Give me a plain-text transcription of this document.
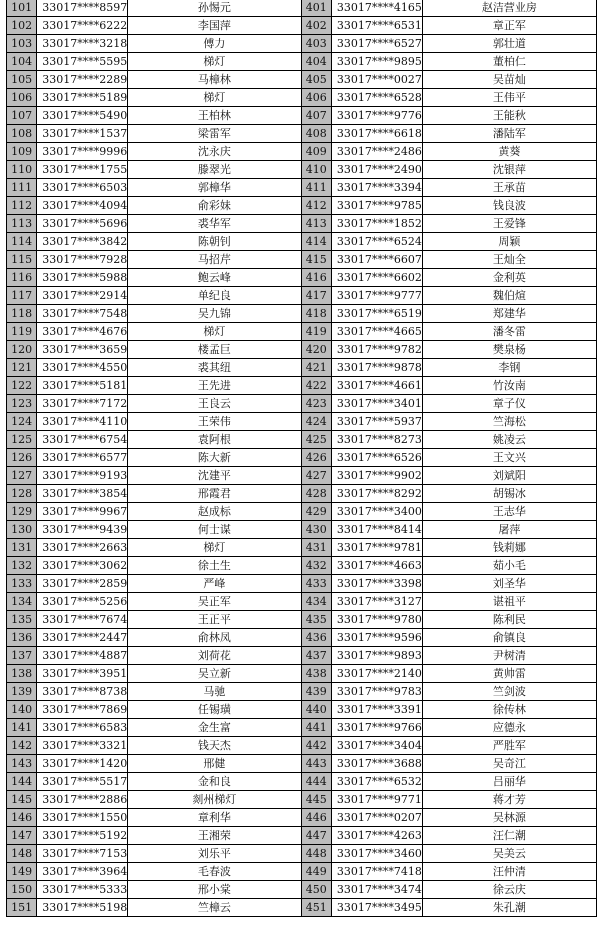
101	33017****8597	孙惕元	401	33017****4165	赵洁营业房
102	33017****6222	李国萍	402	33017****6531	章正军
103	33017****3218	傅力	403	33017****6527	郭壮道
104	33017****5595	梯灯	404	33017****9895	董柏仁
105	33017****2289	马樟林	405	33017****0027	吴苗灿
106	33017****5189	梯灯	406	33017****6528	王伟平
107	33017****5490	王柏林	407	33017****9776	王能秋
108	33017****1537	梁雷军	408	33017****6618	潘陆军
109	33017****9996	沈永庆	409	33017****2486	黄葵
110	33017****1755	滕翠光	410	33017****2490	沈银萍
111	33017****6503	郭樟华	411	33017****3394	王承苗
112	33017****4094	俞彩妹	412	33017****9785	钱良波
113	33017****5696	裘华军	413	33017****1852	王爱锋
114	33017****3842	陈朝钊	414	33017****6524	周颖
115	33017****7928	马招芹	415	33017****6607	王灿全
116	33017****5988	鲍云峰	416	33017****6602	金利英
117	33017****2914	单纪良	417	33017****9777	魏伯煊
118	33017****7548	吴九锦	418	33017****6519	郑建华
119	33017****4676	梯灯	419	33017****4665	潘冬雷
120	33017****3659	楼孟巨	420	33017****9782	樊泉杨
121	33017****4550	裘其纽	421	33017****9878	李钢
122	33017****5181	王先进	422	33017****4661	竹汝南
123	33017****7172	王良云	423	33017****3401	章子仪
124	33017****4110	王荣伟	424	33017****5937	竺海松
125	33017****6754	袁阿根	425	33017****8273	姚凌云
126	33017****6577	陈大新	426	33017****6526	王文兴
127	33017****9193	沈建平	427	33017****9902	刘斌阳
128	33017****3854	邢霞君	428	33017****8292	胡锡冰
129	33017****9967	赵成标	429	33017****3400	王志华
130	33017****9439	何士谋	430	33017****8414	屠萍
131	33017****2663	梯灯	431	33017****9781	钱莉娜
132	33017****3062	徐土生	432	33017****4663	茹小毛
133	33017****2859	严峰	433	33017****3398	刘圣华
134	33017****5256	吴正军	434	33017****3127	谌祖平
135	33017****7674	王正平	435	33017****9780	陈利民
136	33017****2447	俞林凤	436	33017****9596	俞镇良
137	33017****4887	刘荷花	437	33017****9893	尹树清
138	33017****3951	吴立新	438	33017****2140	黄帅雷
139	33017****8738	马驰	439	33017****9783	竺剑波
140	33017****7869	任锡璜	440	33017****3391	徐传林
141	33017****6583	金生富	441	33017****9766	应德永
142	33017****3321	钱天杰	442	33017****3404	严胜军
143	33017****1420	邢健	443	33017****3688	吴奇江
144	33017****5517	金和良	444	33017****6532	吕丽华
145	33017****2886	剡州梯灯	445	33017****9771	蒋才芳
146	33017****1550	章利华	446	33017****0207	吴林源
147	33017****5192	王湘荣	447	33017****4263	汪仁潮
148	33017****7153	刘乐平	448	33017****3460	吴美云
149	33017****3964	毛春波	449	33017****7418	汪仲清
150	33017****5333	邢小棠	450	33017****3474	徐云庆
151	33017****5198	竺樟云	451	33017****3495	朱孔潮
